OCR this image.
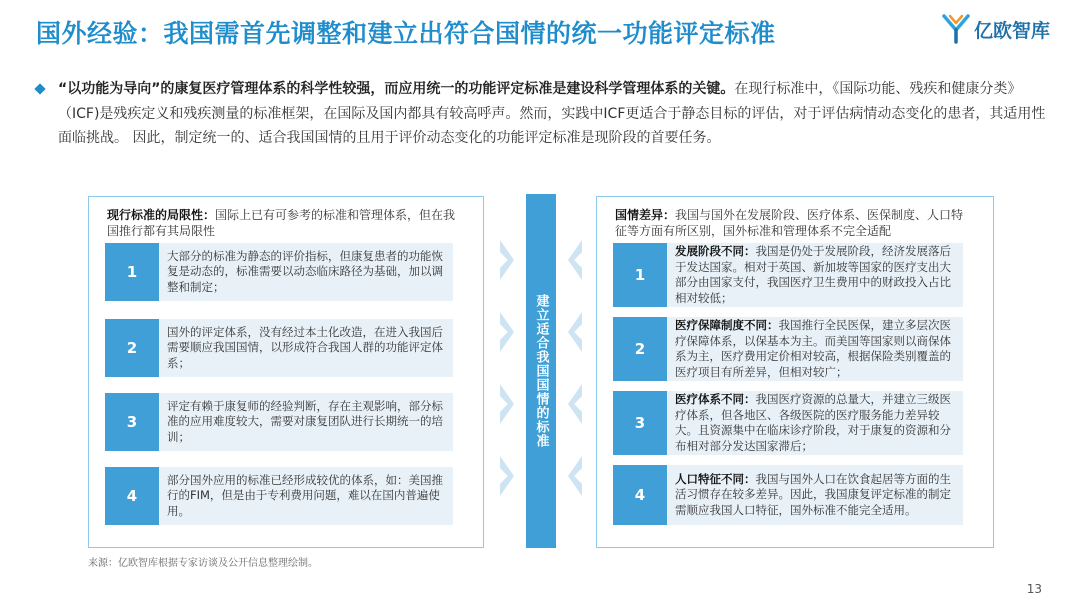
国外经验：我国需首先调整和建立出符合国情的统一功能评定标准	亿欧智库
“以功能为导向”的康复医疗管理体系的科学性较强，而应用统一的功能评定标准是建设科学管理体系的关键。在现行标准中，《国际功能、残疾和健康分类》（ICF)是残疾定义和残疾测量的标准框架，在国际及国内都具有较高呼声。然而，实践中ICF更适合于静态目标的评估，对于评估病情动态变化的患者，其适用性面临挑战。 因此，制定统一的、适合我国国情的且用于评价动态变化的功能评定标准是现阶段的首要任务。
现行标准的局限性：国际上已有可参考的标准和管理体系，但在我国推行都有其局限性
1
大部分的标准为静态的评价指标，但康复患者的功能恢复是动态的，标准需要以动态临床路径为基础，加以调整和制定；
2
国外的评定体系，没有经过本土化改造，在进入我国后需要顺应我国国情，以形成符合我国人群的功能评定体系；
3
评定有赖于康复师的经验判断，存在主观影响，部分标准的应用难度较大，需要对康复团队进行长期统一的培训；
4
部分国外应用的标准已经形成较优的体系，如：美国推行的FIM，但是由于专利费用问题，难以在国内普遍使用。
建立适合我国国情的标准
国情差异：我国与国外在发展阶段、医疗体系、医保制度、人口特征等方面有所区别，国外标准和管理体系不完全适配
1
发展阶段不同：我国是仍处于发展阶段，经济发展落后于发达国家。相对于英国、新加坡等国家的医疗支出大部分由国家支付，我国医疗卫生费用中的财政投入占比相对较低；
2
医疗保障制度不同：我国推行全民医保，建立多层次医疗保障体系，以保基本为主。而美国等国家则以商保体系为主，医疗费用定价相对较高，根据保险类别覆盖的医疗项目有所差异，但相对较广；
3
医疗体系不同：我国医疗资源的总量大，并建立三级医疗体系，但各地区、各级医院的医疗服务能力差异较大。且资源集中在临床诊疗阶段，对于康复的资源和分布相对部分发达国家滞后；
4
人口特征不同：我国与国外人口在饮食起居等方面的生活习惯存在较多差异。因此，我国康复评定标准的制定需顺应我国人口特征，国外标准不能完全适用。
来源：亿欧智库根据专家访谈及公开信息整理绘制。
13
